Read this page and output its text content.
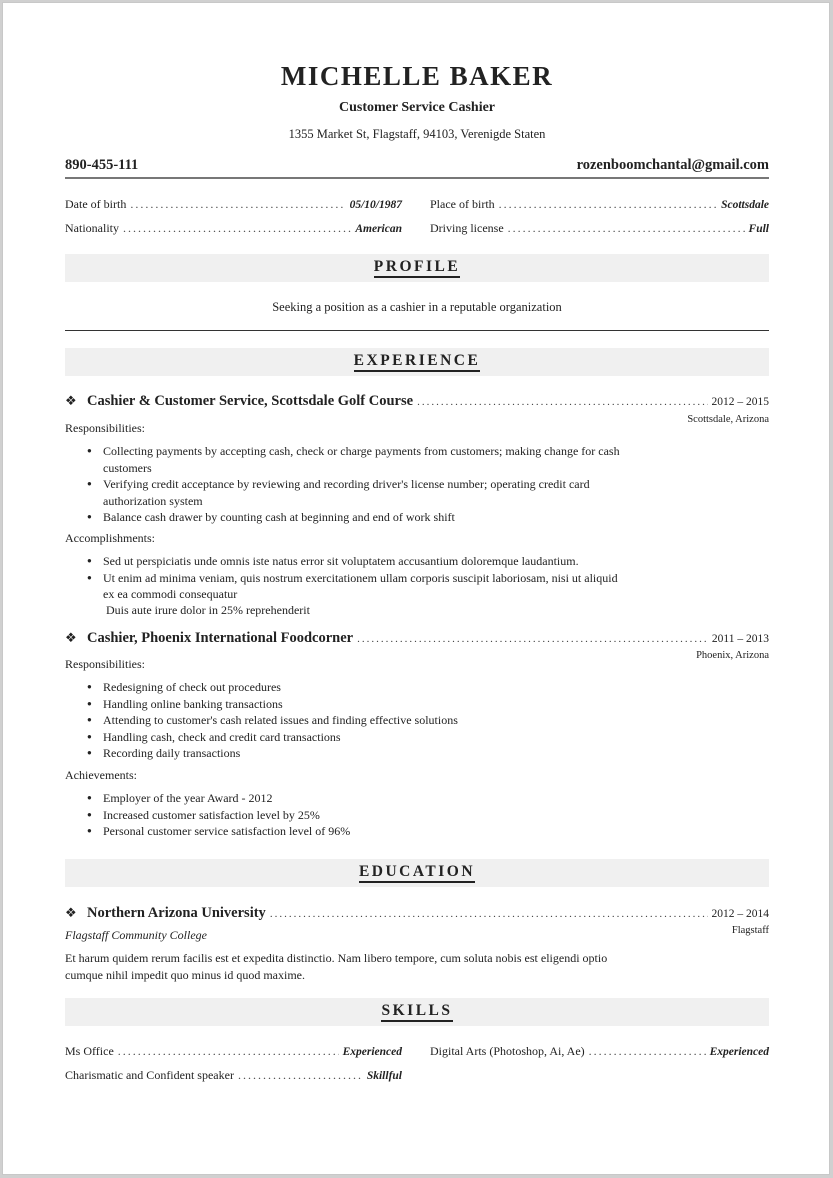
MICHELLE BAKER
Customer Service Cashier
1355 Market St, Flagstaff, 94103, Verenigde Staten
890-455-111	rozenboomchantal@gmail.com
Date of birth .....	05/10/1987 Place of birth .....	Scottsdale
Nationality .....	American Driving license .....	Full
PROFILE
Seeking a position as a cashier in a reputable organization
EXPERIENCE
❖ Cashier & Customer Service, Scottsdale Golf Course .....	2012 – 2015
Scottsdale, Arizona
Responsibilities:
● Collecting payments by accepting cash, check or charge payments from customers; making change for cash customers
● Verifying credit acceptance by reviewing and recording driver's license number; operating credit card authorization system
● Balance cash drawer by counting cash at beginning and end of work shift
Accomplishments:
● Sed ut perspiciatis unde omnis iste natus error sit voluptatem accusantium doloremque laudantium.
● Ut enim ad minima veniam, quis nostrum exercitationem ullam corporis suscipit laboriosam, nisi ut aliquid ex ea commodi consequatur
Duis aute irure dolor in 25% reprehenderit
❖ Cashier, Phoenix International Foodcorner .....	2011 – 2013
Phoenix, Arizona
Responsibilities:
● Redesigning of check out procedures
● Handling online banking transactions
● Attending to customer's cash related issues and finding effective solutions
● Handling cash, check and credit card transactions
● Recording daily transactions
Achievements:
● Employer of the year Award - 2012
● Increased customer satisfaction level by 25%
● Personal customer service satisfaction level of 96%
EDUCATION
❖ Northern Arizona University .....	2012 – 2014
Flagstaff
Flagstaff Community College
Et harum quidem rerum facilis est et expedita distinctio. Nam libero tempore, cum soluta nobis est eligendi optio cumque nihil impedit quo minus id quod maxime.
SKILLS
Ms Office .....	Experienced Digital Arts (Photoshop, Ai, Ae) .....	Experienced
Charismatic and Confident speaker .....	Skillful
